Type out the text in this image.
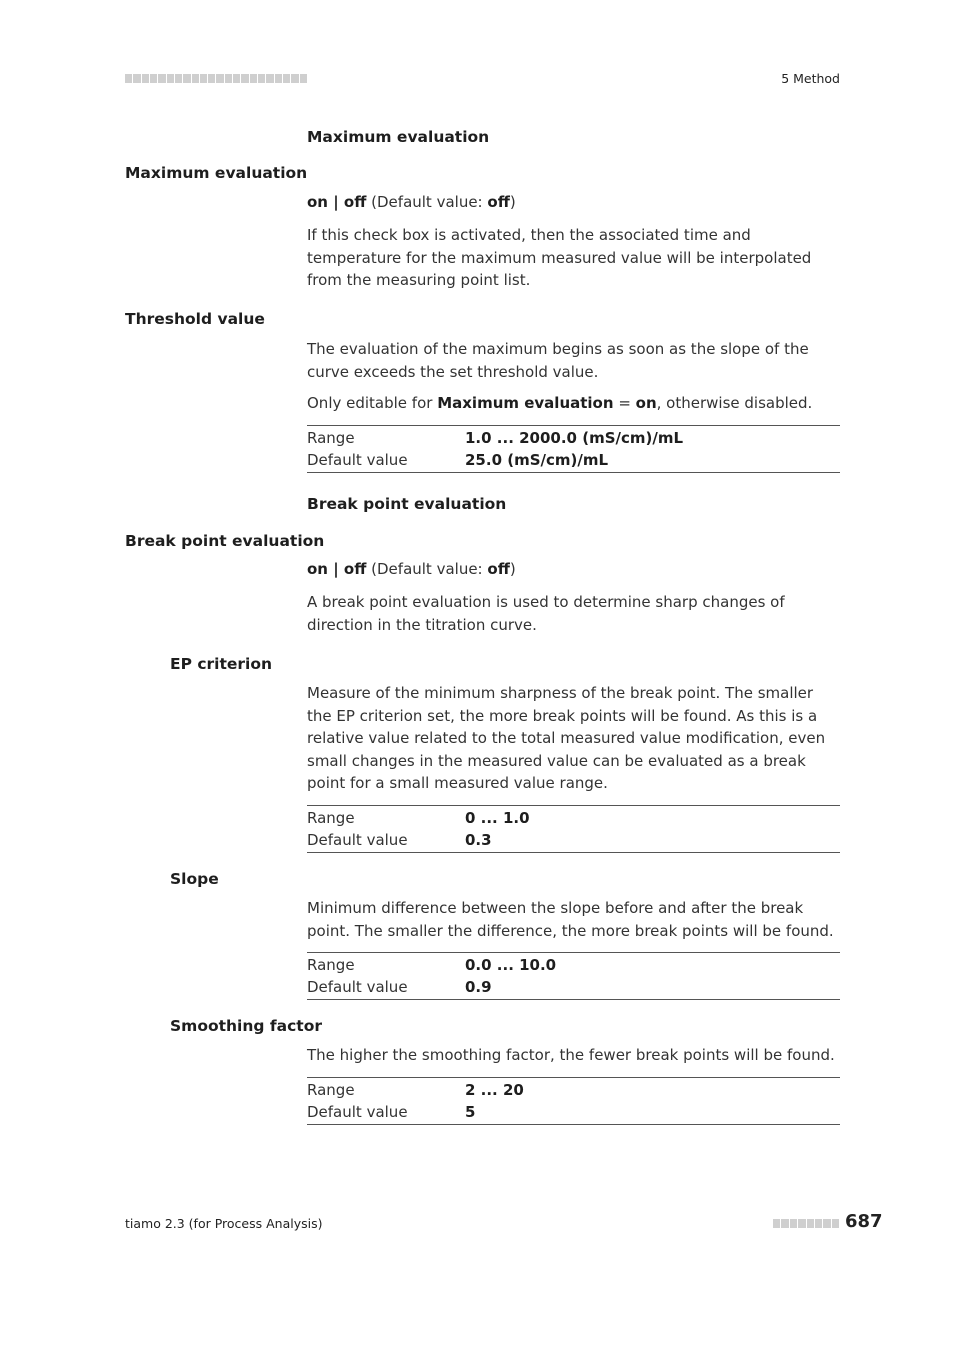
5 Method
Maximum evaluation
Maximum evaluation
on | off (Default value: off)
If this check box is activated, then the associated time and temperature for the maximum measured value will be interpolated from the measuring point list.
Threshold value
The evaluation of the maximum begins as soon as the slope of the curve exceeds the set threshold value.
Only editable for Maximum evaluation = on, otherwise disabled.
Range	1.0 ... 2000.0 (mS/cm)/mL
Default value	25.0 (mS/cm)/mL
Break point evaluation
Break point evaluation
on | off (Default value: off)
A break point evaluation is used to determine sharp changes of direction in the titration curve.
EP criterion
Measure of the minimum sharpness of the break point. The smaller the EP criterion set, the more break points will be found. As this is a relative value related to the total measured value modification, even small changes in the measured value can be evaluated as a break point for a small measured value range.
Range	0 ... 1.0
Default value	0.3
Slope
Minimum difference between the slope before and after the break point. The smaller the difference, the more break points will be found.
Range	0.0 ... 10.0
Default value	0.9
Smoothing factor
The higher the smoothing factor, the fewer break points will be found.
Range	2 ... 20
Default value	5
tiamo 2.3 (for Process Analysis)	687
